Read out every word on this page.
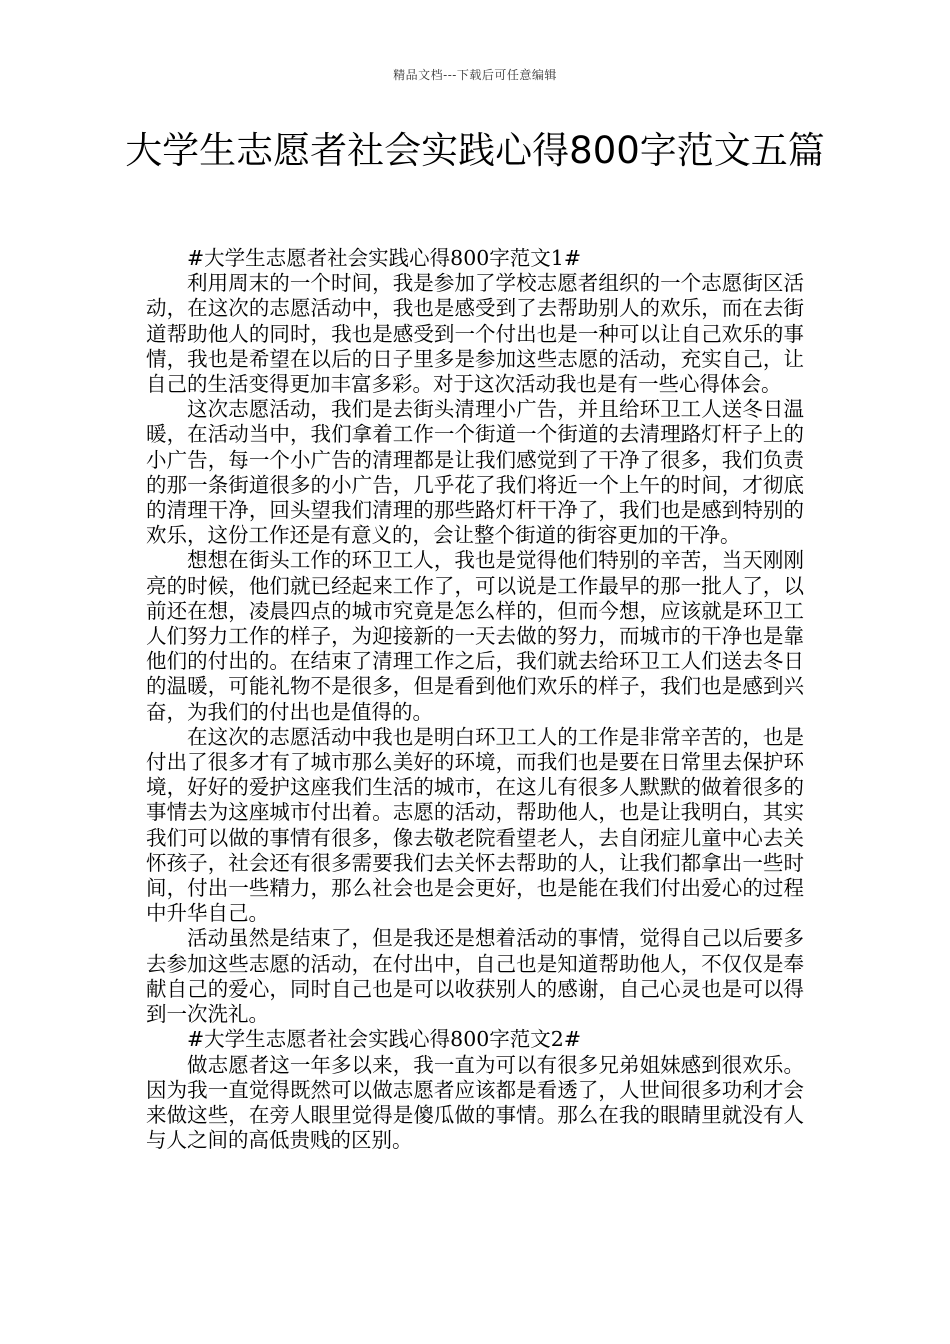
精品文档---下载后可任意编辑
大学生志愿者社会实践心得800字范文五篇

#大学生志愿者社会实践心得800字范文1#

利用周末的一个时间，我是参加了学校志愿者组织的一个志愿街区活动，在这次的志愿活动中，我也是感受到了去帮助别人的欢乐，而在去街道帮助他人的同时，我也是感受到一个付出也是一种可以让自己欢乐的事情，我也是希望在以后的日子里多是参加这些志愿的活动，充实自己，让自己的生活变得更加丰富多彩。对于这次活动我也是有一些心得体会。

这次志愿活动，我们是去街头清理小广告，并且给环卫工人送冬日温暖，在活动当中，我们拿着工作一个街道一个街道的去清理路灯杆子上的小广告，每一个小广告的清理都是让我们感觉到了干净了很多，我们负责的那一条街道很多的小广告，几乎花了我们将近一个上午的时间，才彻底的清理干净，回头望我们清理的那些路灯杆干净了，我们也是感到特别的欢乐，这份工作还是有意义的，会让整个街道的街容更加的干净。

想想在街头工作的环卫工人，我也是觉得他们特别的辛苦，当天刚刚亮的时候，他们就已经起来工作了，可以说是工作最早的那一批人了，以前还在想，凌晨四点的城市究竟是怎么样的，但而今想，应该就是环卫工人们努力工作的样子，为迎接新的一天去做的努力，而城市的干净也是靠他们的付出的。在结束了清理工作之后，我们就去给环卫工人们送去冬日的温暖，可能礼物不是很多，但是看到他们欢乐的样子，我们也是感到兴奋，为我们的付出也是值得的。

在这次的志愿活动中我也是明白环卫工人的工作是非常辛苦的，也是付出了很多才有了城市那么美好的环境，而我们也是要在日常里去保护环境，好好的爱护这座我们生活的城市，在这儿有很多人默默的做着很多的事情去为这座城市付出着。志愿的活动，帮助他人，也是让我明白，其实我们可以做的事情有很多，像去敬老院看望老人，去自闭症儿童中心去关怀孩子，社会还有很多需要我们去关怀去帮助的人，让我们都拿出一些时间，付出一些精力，那么社会也是会更好，也是能在我们付出爱心的过程中升华自己。

活动虽然是结束了，但是我还是想着活动的事情，觉得自己以后要多去参加这些志愿的活动，在付出中，自己也是知道帮助他人，不仅仅是奉献自己的爱心，同时自己也是可以收获别人的感谢，自己心灵也是可以得到一次洗礼。

#大学生志愿者社会实践心得800字范文2#

做志愿者这一年多以来，我一直为可以有很多兄弟姐妹感到很欢乐。因为我一直觉得既然可以做志愿者应该都是看透了，人世间很多功利才会来做这些，在旁人眼里觉得是傻瓜做的事情。那么在我的眼睛里就没有人与人之间的高低贵贱的区别。
